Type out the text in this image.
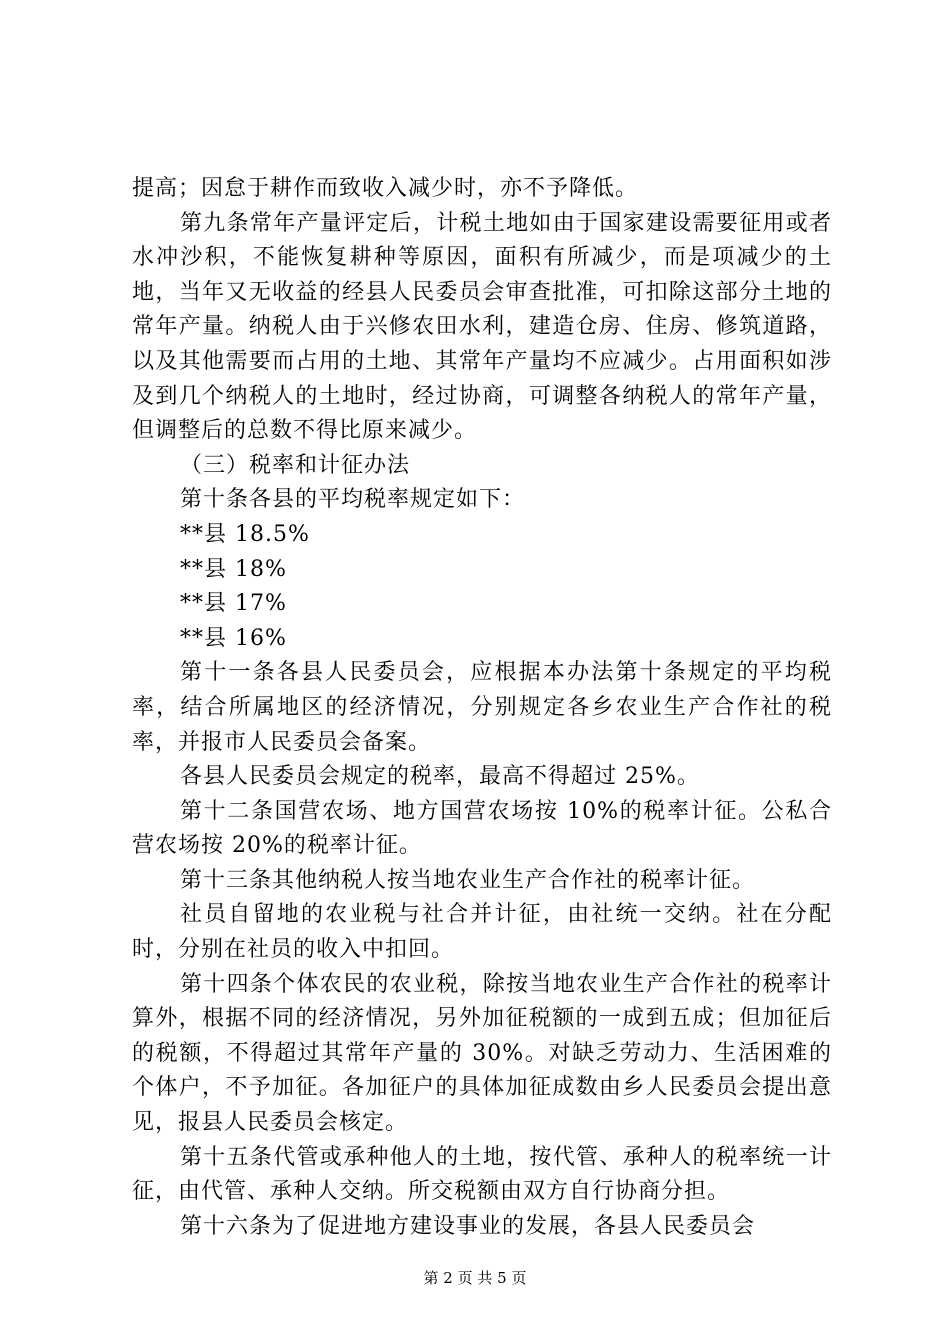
提高；因怠于耕作而致收入减少时，亦不予降低。

第九条常年产量评定后，计税土地如由于国家建设需要征用或者水冲沙积，不能恢复耕种等原因，面积有所减少，而是项减少的土地，当年又无收益的经县人民委员会审查批准，可扣除这部分土地的常年产量。纳税人由于兴修农田水利，建造仓房、住房、修筑道路，以及其他需要而占用的土地、其常年产量均不应减少。占用面积如涉及到几个纳税人的土地时，经过协商，可调整各纳税人的常年产量，但调整后的总数不得比原来减少。

（三）税率和计征办法

第十条各县的平均税率规定如下：

**县 18.5%

**县 18%

**县 17%

**县 16%

第十一条各县人民委员会，应根据本办法第十条规定的平均税率，结合所属地区的经济情况，分别规定各乡农业生产合作社的税率，并报市人民委员会备案。

各县人民委员会规定的税率，最高不得超过 25%。

第十二条国营农场、地方国营农场按 10%的税率计征。公私合营农场按 20%的税率计征。

第十三条其他纳税人按当地农业生产合作社的税率计征。

社员自留地的农业税与社合并计征，由社统一交纳。社在分配时，分别在社员的收入中扣回。

第十四条个体农民的农业税，除按当地农业生产合作社的税率计算外，根据不同的经济情况，另外加征税额的一成到五成；但加征后的税额，不得超过其常年产量的 30%。对缺乏劳动力、生活困难的个体户，不予加征。各加征户的具体加征成数由乡人民委员会提出意见，报县人民委员会核定。

第十五条代管或承种他人的土地，按代管、承种人的税率统一计征，由代管、承种人交纳。所交税额由双方自行协商分担。

第十六条为了促进地方建设事业的发展，各县人民委员会

第 2 页 共 5 页
